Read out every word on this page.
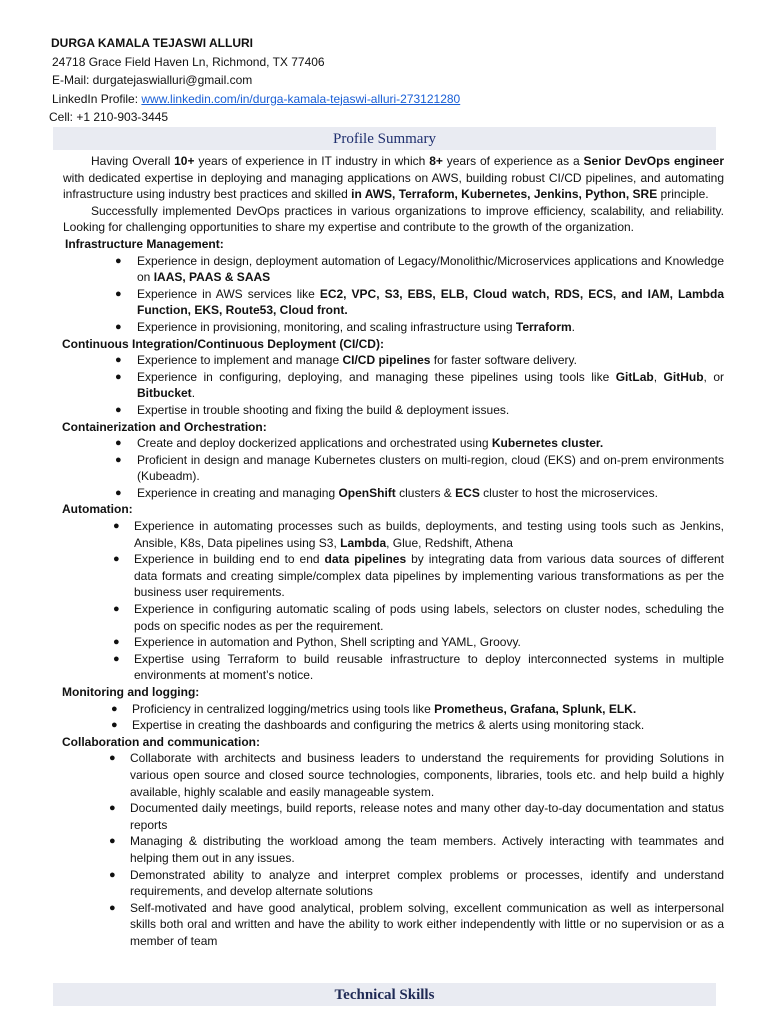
DURGA KAMALA TEJASWI ALLURI
24718 Grace Field Haven Ln, Richmond, TX 77406
E-Mail: durgatejaswialluri@gmail.com
LinkedIn Profile: www.linkedin.com/in/durga-kamala-tejaswi-alluri-273121280
Cell: +1 210-903-3445
Profile Summary

Having Overall 10+ years of experience in IT industry in which 8+ years of experience as a Senior DevOps engineer with dedicated expertise in deploying and managing applications on AWS, building robust CI/CD pipelines, and automating infrastructure using industry best practices and skilled in AWS, Terraform, Kubernetes, Jenkins, Python, SRE principle.

Successfully implemented DevOps practices in various organizations to improve efficiency, scalability, and reliability. Looking for challenging opportunities to share my expertise and contribute to the growth of the organization.

Infrastructure Management:

● Experience in design, deployment automation of Legacy/Monolithic/Microservices applications and Knowledge on IAAS, PAAS & SAAS
● Experience in AWS services like EC2, VPC, S3, EBS, ELB, Cloud watch, RDS, ECS, and IAM, Lambda Function, EKS, Route53, Cloud front.
● Experience in provisioning, monitoring, and scaling infrastructure using Terraform.

Continuous Integration/Continuous Deployment (CI/CD):

● Experience to implement and manage CI/CD pipelines for faster software delivery.
● Experience in configuring, deploying, and managing these pipelines using tools like GitLab, GitHub, or Bitbucket.
● Expertise in trouble shooting and fixing the build & deployment issues.

Containerization and Orchestration:

● Create and deploy dockerized applications and orchestrated using Kubernetes cluster.
● Proficient in design and manage Kubernetes clusters on multi-region, cloud (EKS) and on-prem environments (Kubeadm).
● Experience in creating and managing OpenShift clusters & ECS cluster to host the microservices.

Automation:

● Experience in automating processes such as builds, deployments, and testing using tools such as Jenkins, Ansible, K8s, Data pipelines using S3, Lambda, Glue, Redshift, Athena
● Experience in building end to end data pipelines by integrating data from various data sources of different data formats and creating simple/complex data pipelines by implementing various transformations as per the business user requirements.
● Experience in configuring automatic scaling of pods using labels, selectors on cluster nodes, scheduling the pods on specific nodes as per the requirement.
● Experience in automation and Python, Shell scripting and YAML, Groovy.
● Expertise using Terraform to build reusable infrastructure to deploy interconnected systems in multiple environments at moment’s notice.

Monitoring and logging:

● Proficiency in centralized logging/metrics using tools like Prometheus, Grafana, Splunk, ELK.
● Expertise in creating the dashboards and configuring the metrics & alerts using monitoring stack.

Collaboration and communication:

● Collaborate with architects and business leaders to understand the requirements for providing Solutions in various open source and closed source technologies, components, libraries, tools etc. and help build a highly available, highly scalable and easily manageable system.
● Documented daily meetings, build reports, release notes and many other day-to-day documentation and status reports
● Managing & distributing the workload among the team members. Actively interacting with teammates and helping them out in any issues.
● Demonstrated ability to analyze and interpret complex problems or processes, identify and understand requirements, and develop alternate solutions
● Self-motivated and have good analytical, problem solving, excellent communication as well as interpersonal skills both oral and written and have the ability to work either independently with little or no supervision or as a member of team
Technical Skills
